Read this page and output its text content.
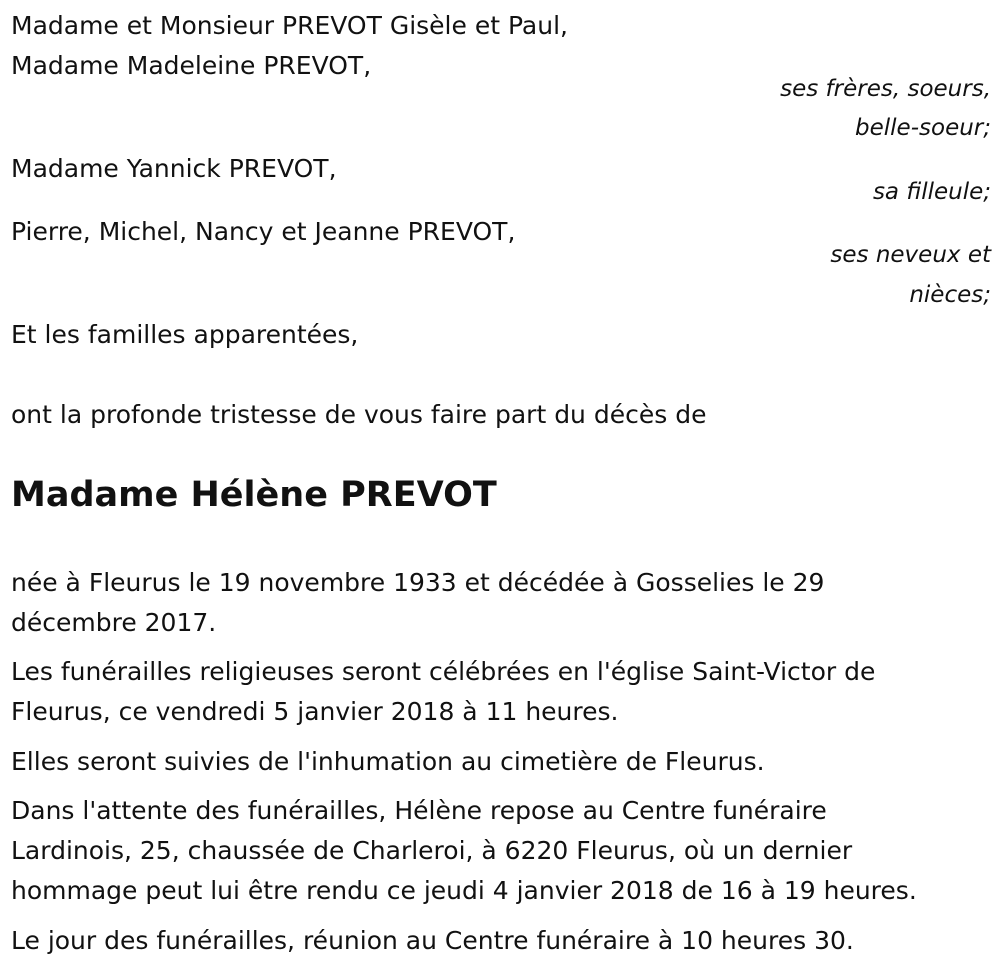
Madame et Monsieur PREVOT Gisèle et Paul,
Madame Madeleine PREVOT,
ses frères, soeurs,
belle-soeur;
Madame Yannick PREVOT,
sa filleule;
Pierre, Michel, Nancy et Jeanne PREVOT,
ses neveux et
nièces;
Et les familles apparentées,
ont la profonde tristesse de vous faire part du décès de
Madame Hélène PREVOT
née à Fleurus le 19 novembre 1933 et décédée à Gosselies le 29
décembre 2017.
Les funérailles religieuses seront célébrées en l'église Saint-Victor de
Fleurus, ce vendredi 5 janvier 2018 à 11 heures.
Elles seront suivies de l'inhumation au cimetière de Fleurus.
Dans l'attente des funérailles, Hélène repose au Centre funéraire
Lardinois, 25, chaussée de Charleroi, à 6220 Fleurus, où un dernier
hommage peut lui être rendu ce jeudi 4 janvier 2018 de 16 à 19 heures.
Le jour des funérailles, réunion au Centre funéraire à 10 heures 30.
